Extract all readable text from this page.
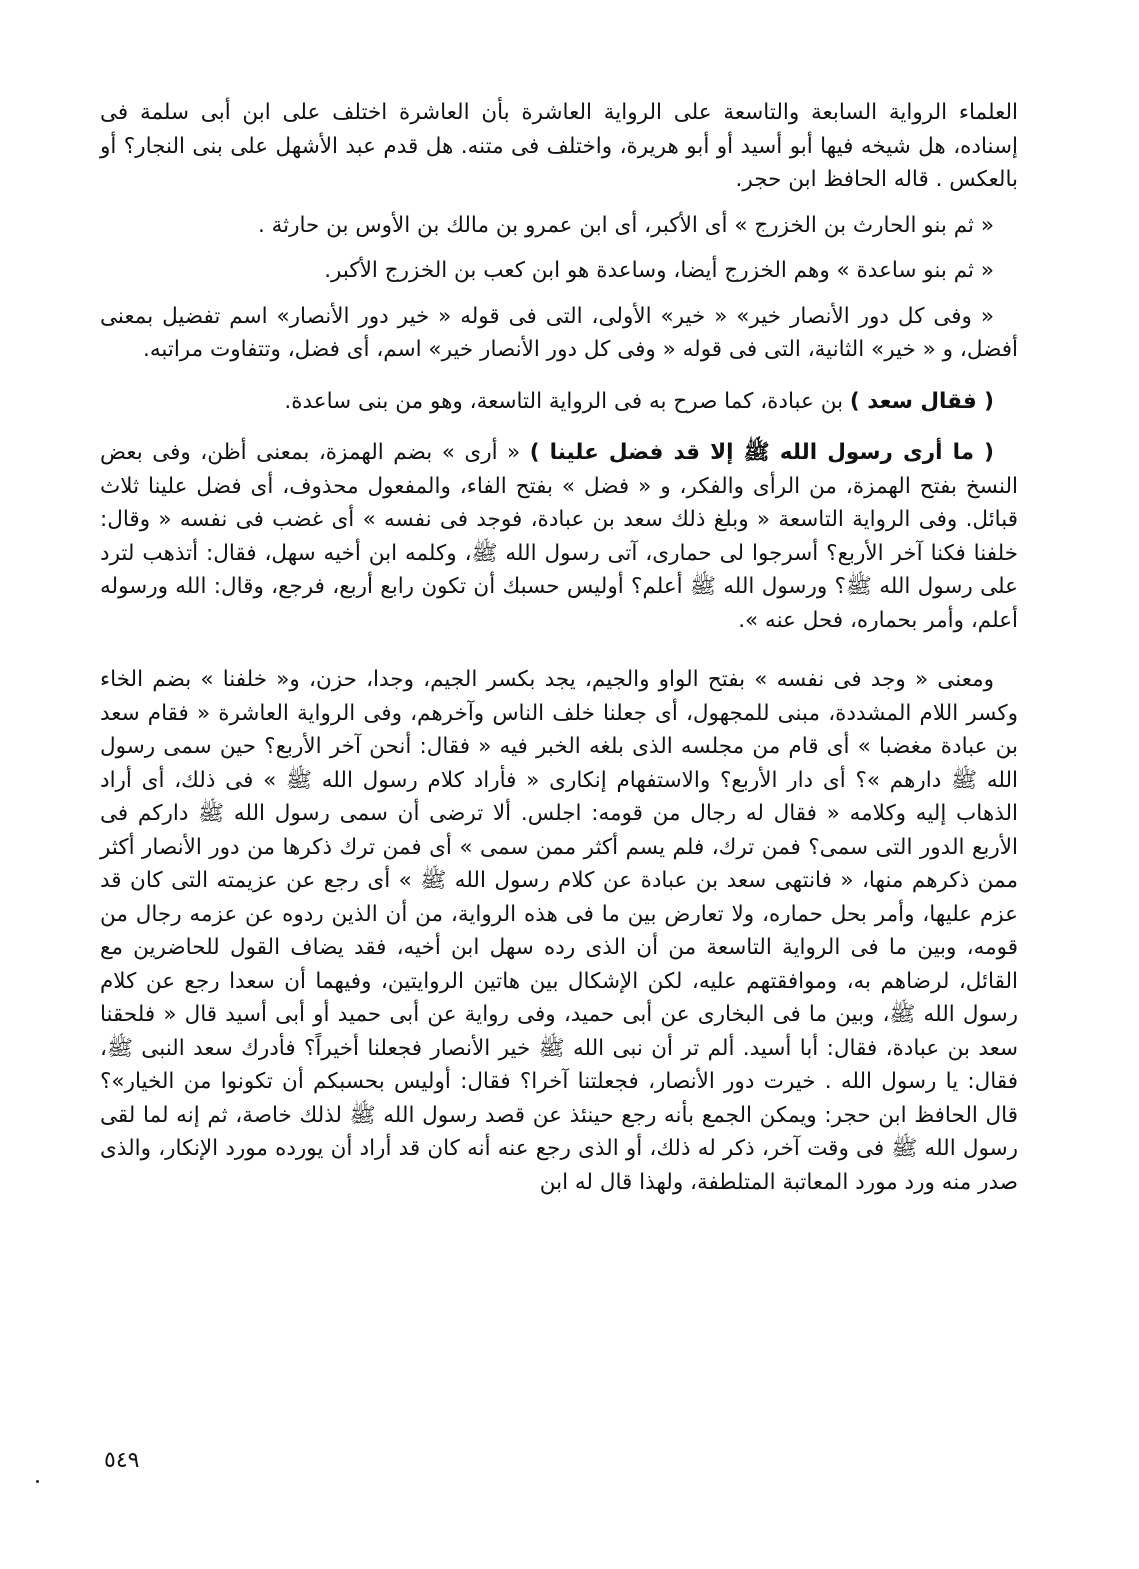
العلماء الرواية السابعة والتاسعة على الرواية العاشرة بأن العاشرة اختلف على ابن أبى سلمة فى إسناده، هل شيخه فيها أبو أسيد أو أبو هريرة، واختلف فى متنه. هل قدم عبد الأشهل على بنى النجار؟ أو بالعكس . قاله الحافظ ابن حجر.

« ثم بنو الحارث بن الخزرج » أى الأكبر، أى ابن عمرو بن مالك بن الأوس بن حارثة .

« ثم بنو ساعدة » وهم الخزرج أيضا، وساعدة هو ابن كعب بن الخزرج الأكبر.

« وفى كل دور الأنصار خير» « خير» الأولى، التى فى قوله « خير دور الأنصار» اسم تفضيل بمعنى أفضل، و « خير» الثانية، التى فى قوله « وفى كل دور الأنصار خير» اسم، أى فضل، وتتفاوت مراتبه.

( فقال سعد ) بن عبادة، كما صرح به فى الرواية التاسعة، وهو من بنى ساعدة.

( ما أرى رسول الله ﷺ إلا قد فضل علينا ) « أرى » بضم الهمزة، بمعنى أظن، وفى بعض النسخ بفتح الهمزة، من الرأى والفكر، و « فضل » بفتح الفاء، والمفعول محذوف، أى فضل علينا ثلاث قبائل. وفى الرواية التاسعة « وبلغ ذلك سعد بن عبادة، فوجد فى نفسه » أى غضب فى نفسه « وقال: خلفنا فكنا آخر الأربع؟ أسرجوا لى حمارى، آتى رسول الله ﷺ، وكلمه ابن أخيه سهل، فقال: أتذهب لترد على رسول الله ﷺ؟ ورسول الله ﷺ أعلم؟ أوليس حسبك أن تكون رابع أربع، فرجع، وقال: الله ورسوله أعلم، وأمر بحماره، فحل عنه ».

ومعنى « وجد فى نفسه » بفتح الواو والجيم، يجد بكسر الجيم، وجدا، حزن، و« خلفنا » بضم الخاء وكسر اللام المشددة، مبنى للمجهول، أى جعلنا خلف الناس وآخرهم، وفى الرواية العاشرة « فقام سعد بن عبادة مغضبا » أى قام من مجلسه الذى بلغه الخبر فيه « فقال: أنحن آخر الأربع؟ حين سمى رسول الله ﷺ دارهم »؟ أى دار الأربع؟ والاستفهام إنكارى « فأراد كلام رسول الله ﷺ » فى ذلك، أى أراد الذهاب إليه وكلامه « فقال له رجال من قومه: اجلس. ألا ترضى أن سمى رسول الله ﷺ داركم فى الأربع الدور التى سمى؟ فمن ترك، فلم يسم أكثر ممن سمى » أى فمن ترك ذكرها من دور الأنصار أكثر ممن ذكرهم منها، « فانتهى سعد بن عبادة عن كلام رسول الله ﷺ » أى رجع عن عزيمته التى كان قد عزم عليها، وأمر بحل حماره، ولا تعارض بين ما فى هذه الرواية، من أن الذين ردوه عن عزمه رجال من قومه، وبين ما فى الرواية التاسعة من أن الذى رده سهل ابن أخيه، فقد يضاف القول للحاضرين مع القائل، لرضاهم به، وموافقتهم عليه، لكن الإشكال بين هاتين الروايتين، وفيهما أن سعدا رجع عن كلام رسول الله ﷺ، وبين ما فى البخارى عن أبى حميد، وفى رواية عن أبى حميد أو أبى أسيد قال « فلحقنا سعد بن عبادة، فقال: أبا أسيد. ألم تر أن نبى الله ﷺ خير الأنصار فجعلنا أخيراً؟ فأدرك سعد النبى ﷺ، فقال: يا رسول الله . خيرت دور الأنصار، فجعلتنا آخرا؟ فقال: أوليس بحسبكم أن تكونوا من الخيار»؟ قال الحافظ ابن حجر: ويمكن الجمع بأنه رجع حينئذ عن قصد رسول الله ﷺ لذلك خاصة، ثم إنه لما لقى رسول الله ﷺ فى وقت آخر، ذكر له ذلك، أو الذى رجع عنه أنه كان قد أراد أن يورده مورد الإنكار، والذى صدر منه ورد مورد المعاتبة المتلطفة، ولهذا قال له ابن

٥٤٩
